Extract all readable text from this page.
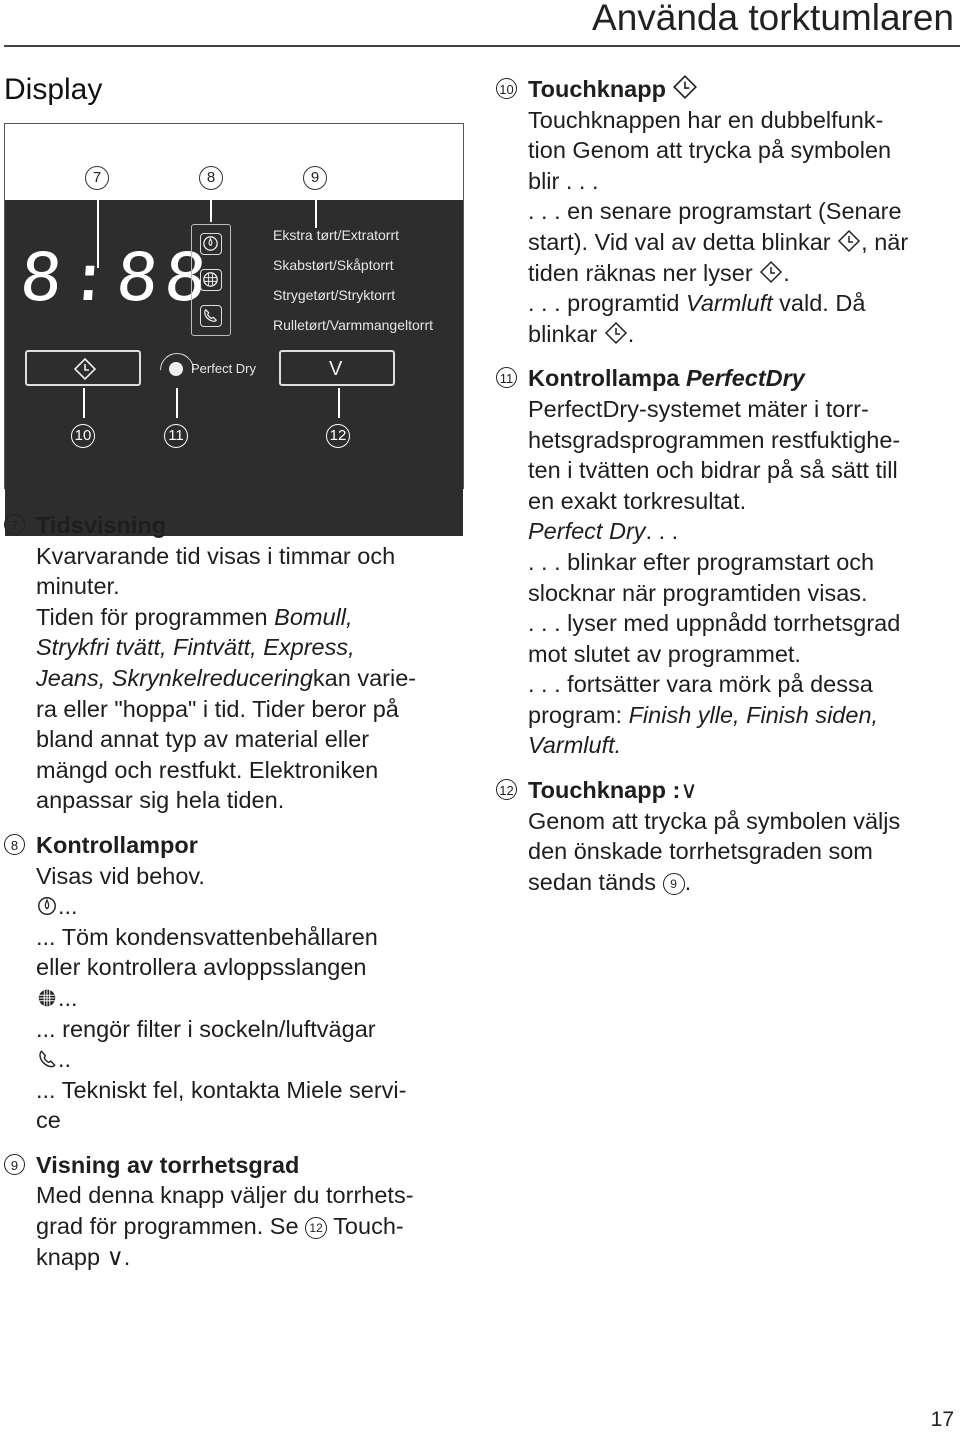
Använda torktumlaren
Display
7	8	9
8:88
Ekstra tørt/Extratorrt
Skabstørt/Skåptorrt
Strygetørt/Stryktorrt
Rulletørt/Varmmangeltorrt
Perfect Dry	V
10	11	12
7 Tidsvisning

Kvarvarande tid visas i timmar och

minuter.

Tiden för programmen Bomull,

Strykfri tvätt, Fintvätt, Express,

Jeans, Skrynkelreduceringkan varie-

ra eller "hoppa" i tid. Tider beror på

bland annat typ av material eller

mängd och restfukt. Elektroniken

anpassar sig hela tiden.

8 Kontrollampor

Visas vid behov.

...

... Töm kondensvattenbehållaren

eller kontrollera avloppsslangen

...

... rengör filter i sockeln/luftvägar

..

... Tekniskt fel, kontakta Miele servi-

ce

9 Visning av torrhetsgrad

Med denna knapp väljer du torrhets-

grad för programmen. Se 12 Touch-

knapp ∨.

10 Touchknapp

Touchknappen har en dubbelfunk-

tion Genom att trycka på symbolen

blir . . .

. . . en senare programstart (Senare

start). Vid val av detta blinkar , när

tiden räknas ner lyser .

. . . programtid Varmluft vald. Då

blinkar .

11 Kontrollampa PerfectDry

PerfectDry-systemet mäter i torr-

hetsgradsprogrammen restfuktighe-

ten i tvätten och bidrar på så sätt till

en exakt torkresultat.

Perfect Dry. . .

. . . blinkar efter programstart och

slocknar när programtiden visas.

. . . lyser med uppnådd torrhetsgrad

mot slutet av programmet.

. . . fortsätter vara mörk på dessa

program: Finish ylle, Finish siden,

Varmluft.

12 Touchknapp :∨

Genom att trycka på symbolen väljs

den önskade torrhetsgraden som

sedan tänds 9 .

17
